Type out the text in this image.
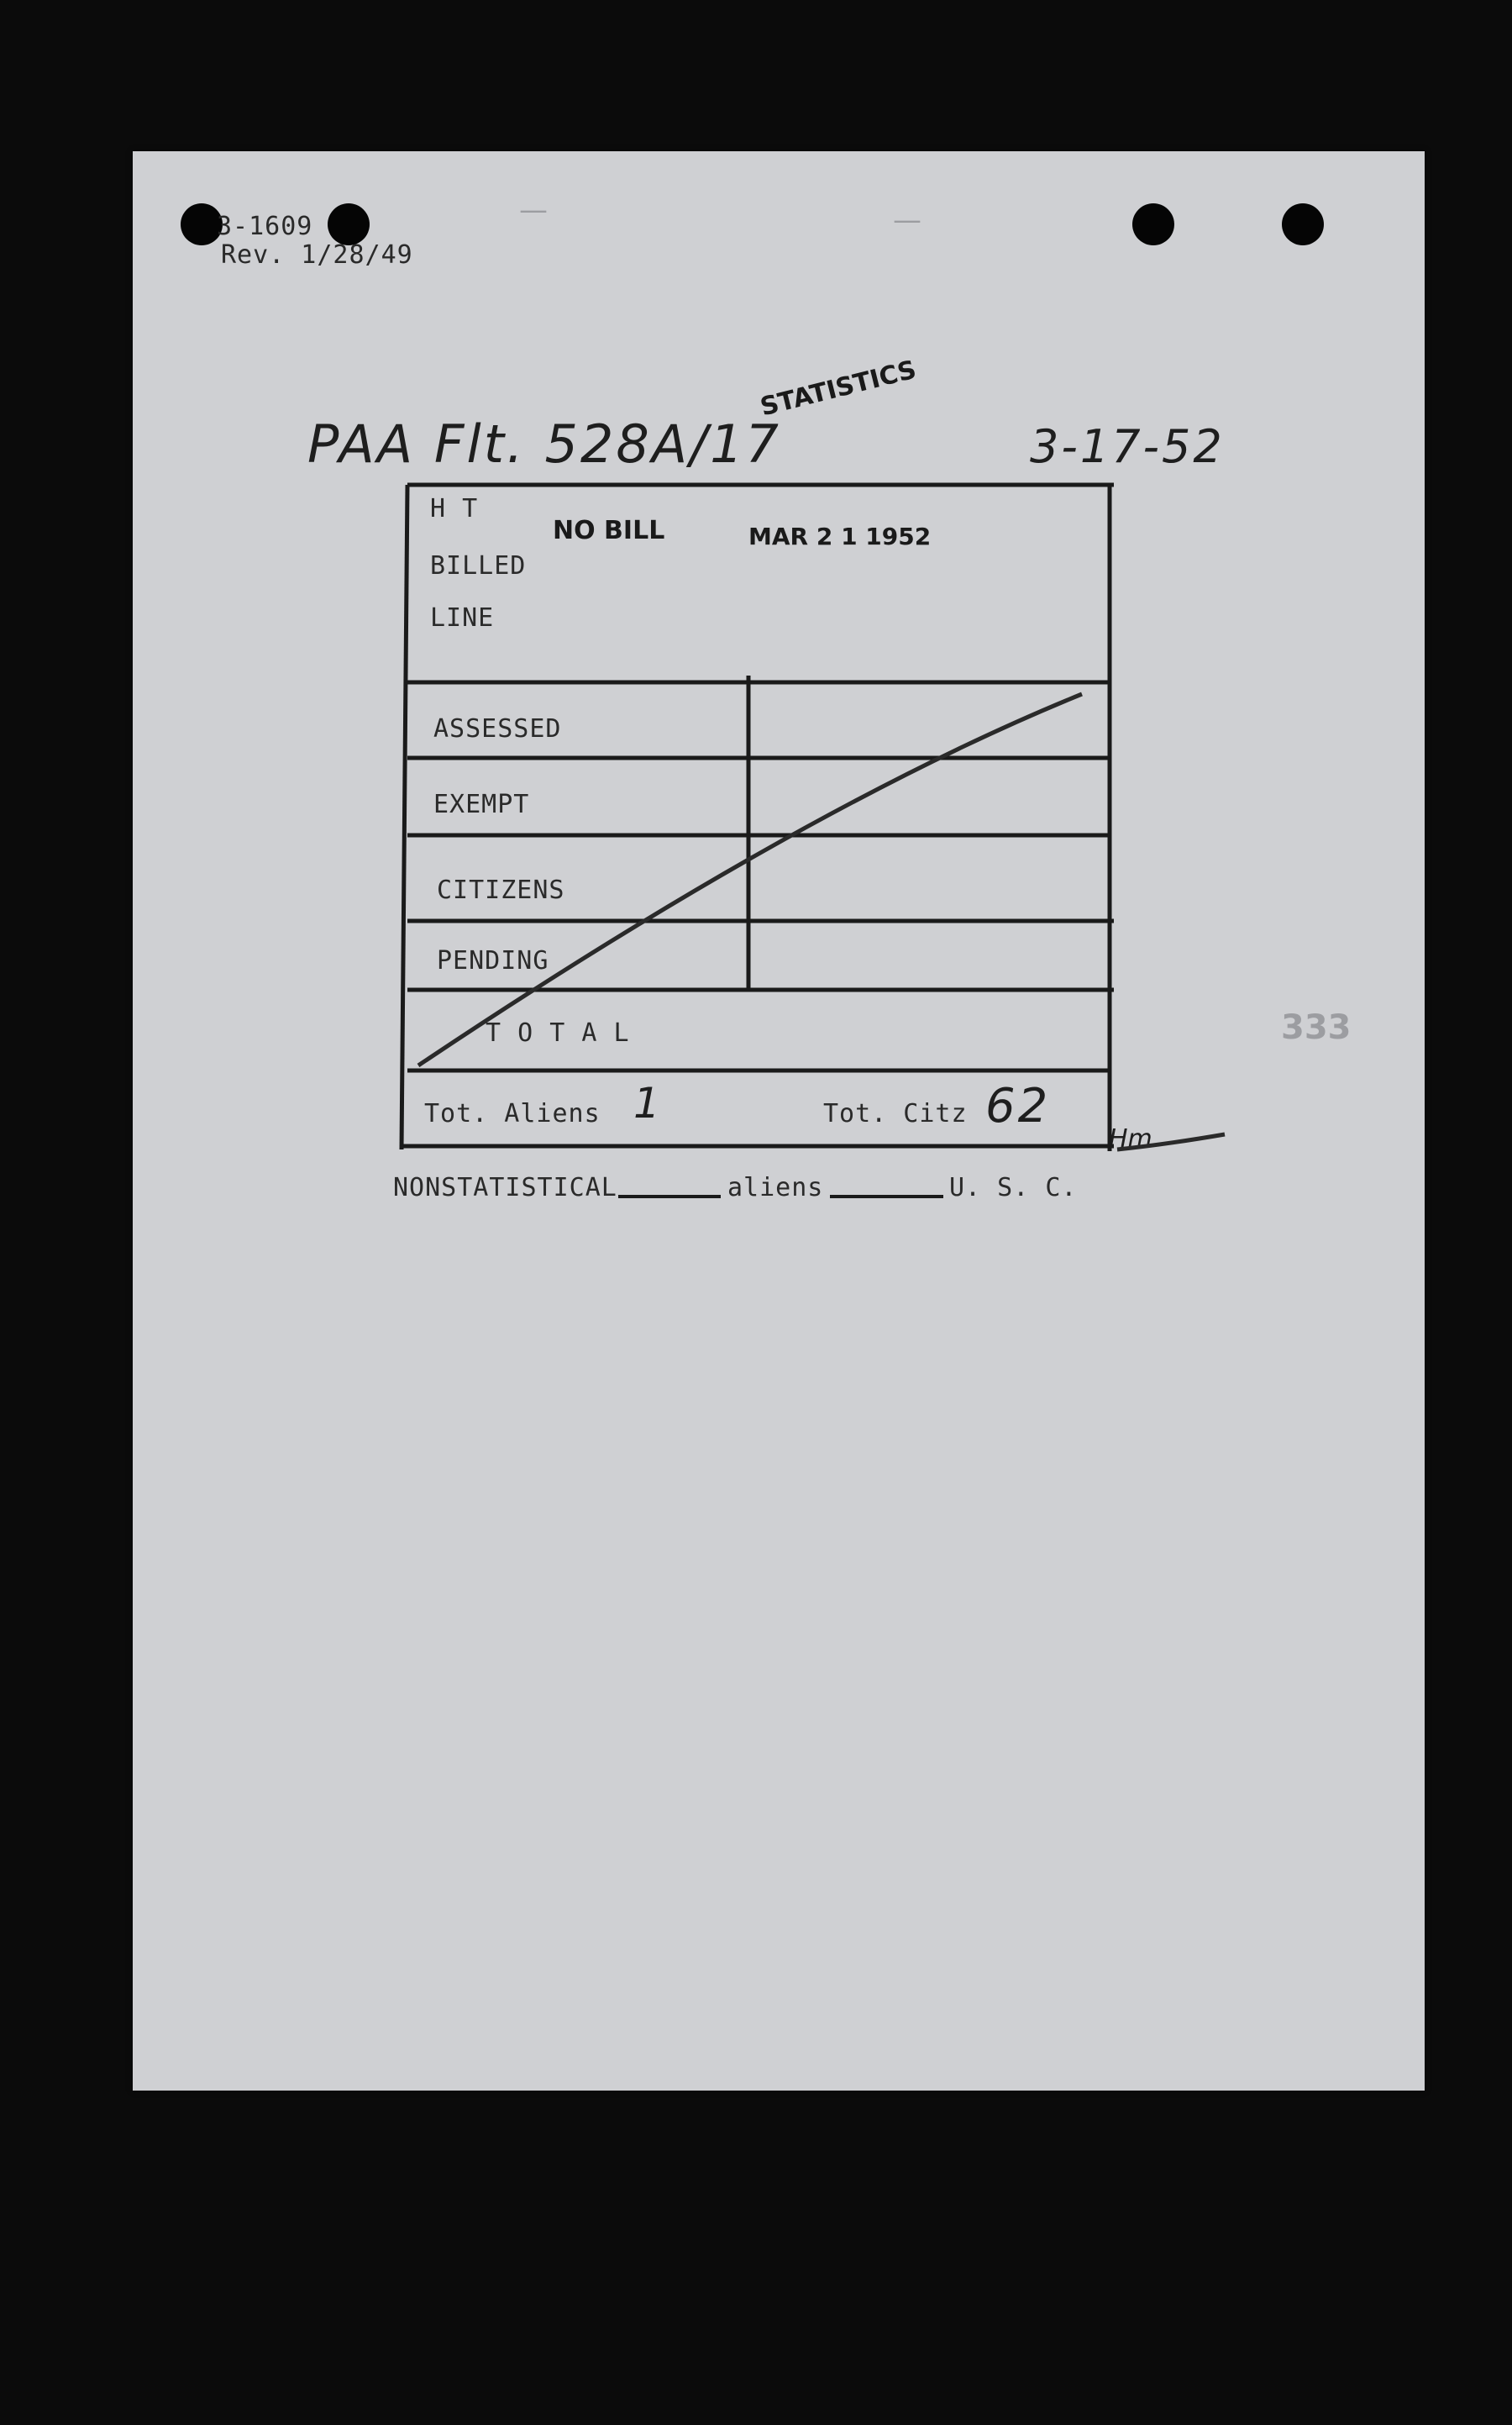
3-1609
Rev. 1/28/49
—	—
PAA Flt. 528A/17
STATISTICS
3-17-52
H T
BILLED
LINE
NO BILL	MAR 2 1 1952
ASSESSED
EXEMPT
CITIZENS
PENDING
T O T A L
Tot. Aliens 1	Tot. Citz 62
Hm
NONSTATISTICAL	aliens	U. S. C.
333
